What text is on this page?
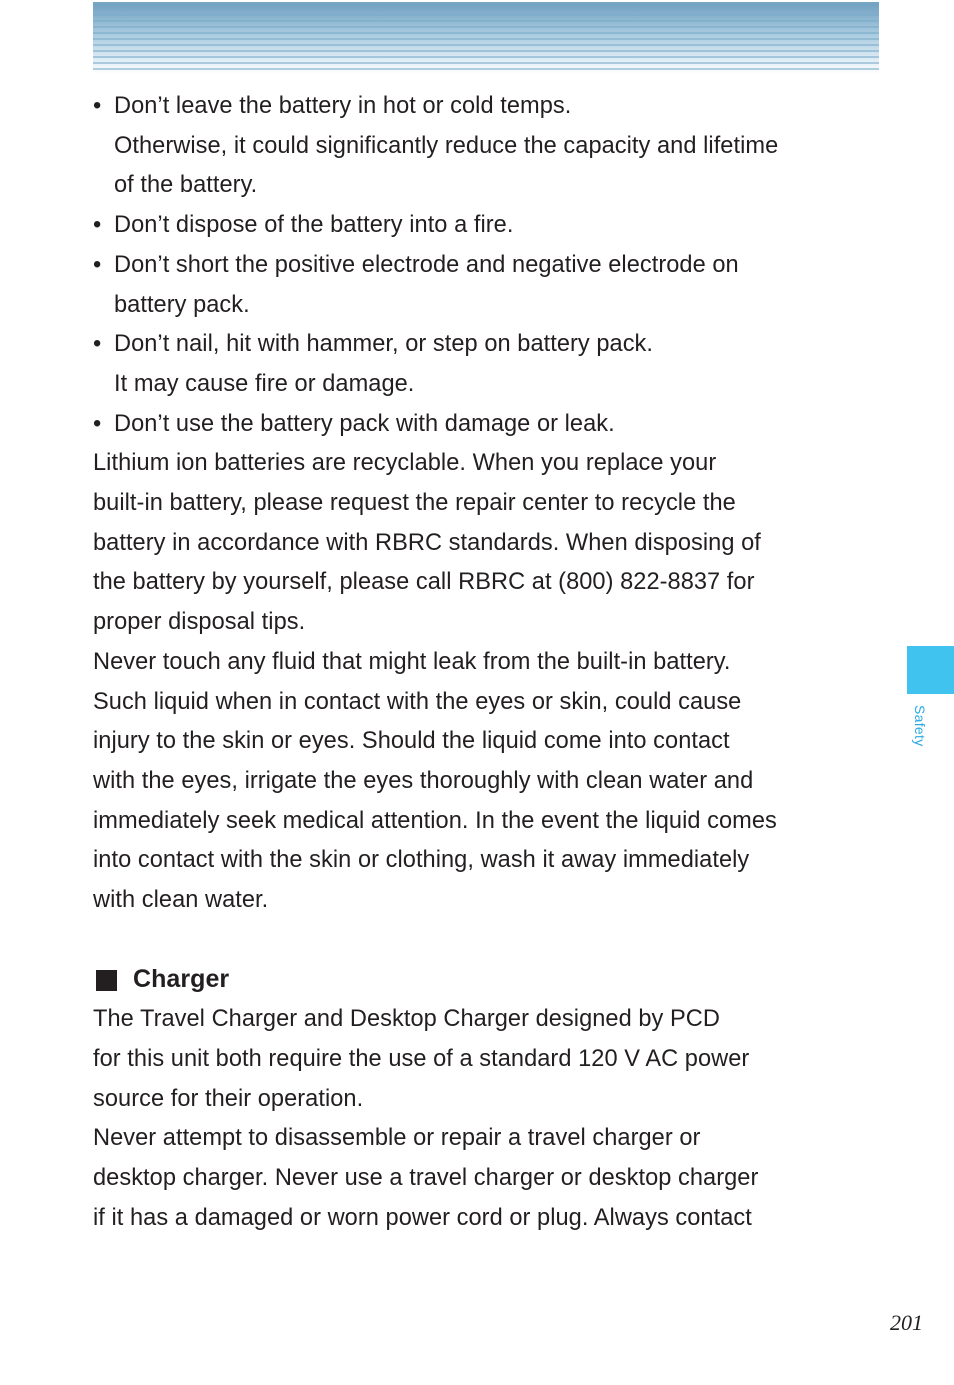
• Don’t leave the battery in hot or cold temps.
Otherwise, it could significantly reduce the capacity and lifetime
of the battery.
• Don’t dispose of the battery into a fire.
• Don’t short the positive electrode and negative electrode on
battery pack.
• Don’t nail, hit with hammer, or step on battery pack.
It may cause fire or damage.
• Don’t use the battery pack with damage or leak.

Lithium ion batteries are recyclable. When you replace your
built-in battery, please request the repair center to recycle the
battery in accordance with RBRC standards. When disposing of
the battery by yourself, please call RBRC at (800) 822-8837 for
proper disposal tips.

Never touch any fluid that might leak from the built-in battery.
Such liquid when in contact with the eyes or skin, could cause
injury to the skin or eyes. Should the liquid come into contact
with the eyes, irrigate the eyes thoroughly with clean water and
immediately seek medical attention. In the event the liquid comes
into contact with the skin or clothing, wash it away immediately
with clean water.

Charger

The Travel Charger and Desktop Charger designed by PCD
for this unit both require the use of a standard 120 V AC power
source for their operation.

Never attempt to disassemble or repair a travel charger or
desktop charger. Never use a travel charger or desktop charger
if it has a damaged or worn power cord or plug. Always contact

Safety
201
